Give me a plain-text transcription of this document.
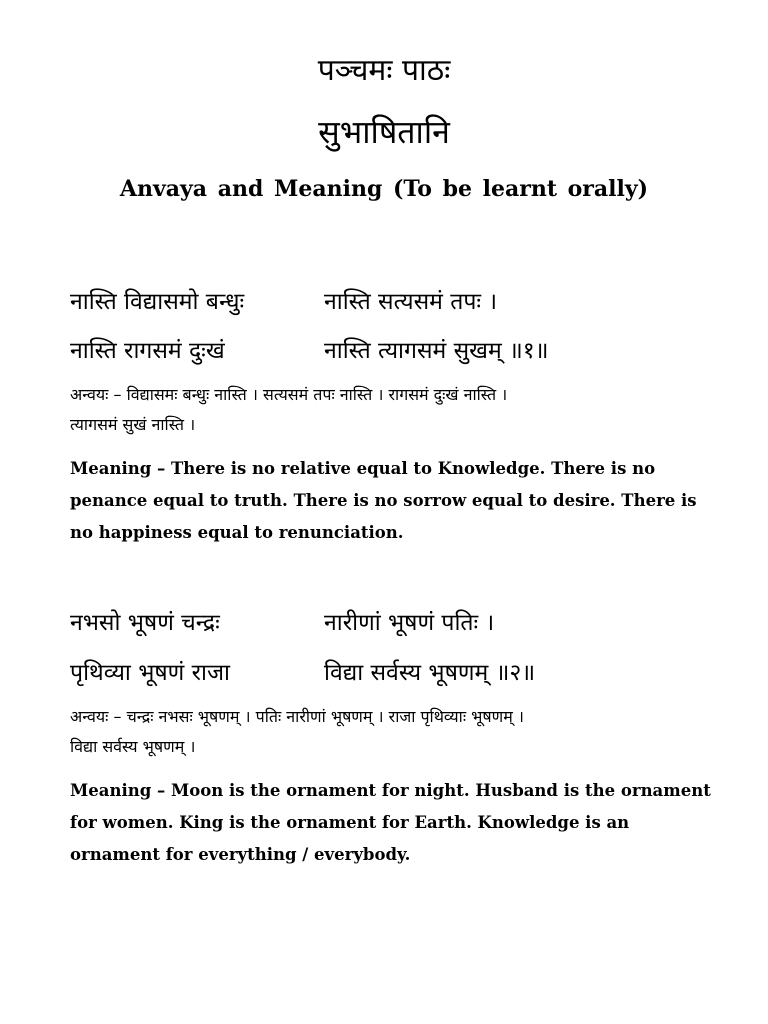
पञ्चमः पाठः
सुभाषितानि
Anvaya and Meaning (To be learnt orally)
नास्ति विद्यासमो बन्धुः	नास्ति सत्यसमं तपः ।
नास्ति रागसमं दुःखं	नास्ति त्यागसमं सुखम् ॥१॥
अन्वयः – विद्यासमः बन्धुः नास्ति । सत्यसमं तपः नास्ति । रागसमं दुःखं नास्ति ।
त्यागसमं सुखं नास्ति ।
Meaning – There is no relative equal to Knowledge. There is no
penance equal to truth. There is no sorrow equal to desire. There is
no happiness equal to renunciation.
नभसो भूषणं चन्द्रः	नारीणां भूषणं पतिः ।
पृथिव्या भूषणं राजा	विद्या सर्वस्य भूषणम् ॥२॥
अन्वयः – चन्द्रः नभसः भूषणम् । पतिः नारीणां भूषणम् । राजा पृथिव्याः भूषणम् ।
विद्या सर्वस्य भूषणम् ।
Meaning – Moon is the ornament for night. Husband is the ornament
for women. King is the ornament for Earth. Knowledge is an
ornament for everything / everybody.
